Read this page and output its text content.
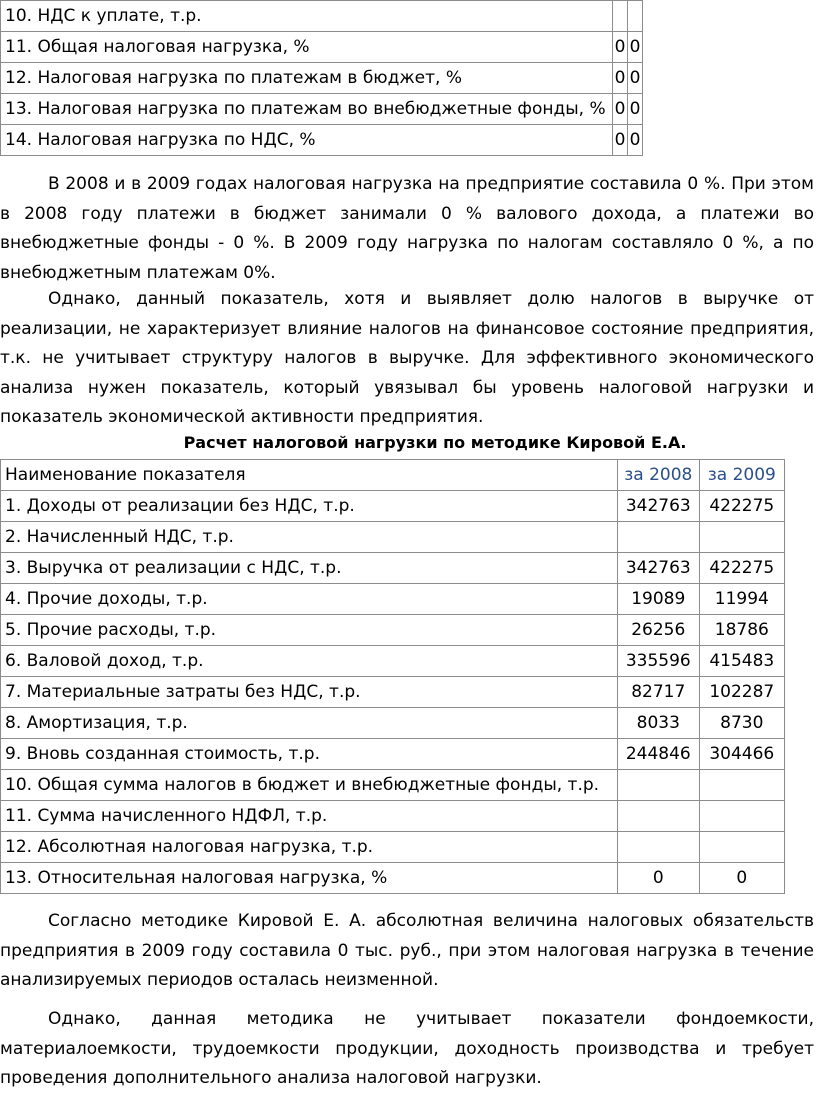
10. НДС к уплате, т.р.		
11. Общая налоговая нагрузка, %	0	0
12. Налоговая нагрузка по платежам в бюджет, %	0	0
13. Налоговая нагрузка по платежам во внебюджетные фонды, %	0	0
14. Налоговая нагрузка по НДС, %	0	0

В 2008 и в 2009 годах налоговая нагрузка на предприятие составила 0 %. При этом в 2008 году платежи в бюджет занимали 0 % валового дохода, а платежи во внебюджетные фонды - 0 %. В 2009 году нагрузка по налогам составляло 0 %, а по внебюджетным платежам 0%.

Однако, данный показатель, хотя и выявляет долю налогов в выручке от реализации, не характеризует влияние налогов на финансовое состояние предприятия, т.к. не учитывает структуру налогов в выручке. Для эффективного экономического анализа нужен показатель, который увязывал бы уровень налоговой нагрузки и показатель экономической активности предприятия.

Расчет налоговой нагрузки по методике Кировой Е.А.
Наименование показателя	за 2008	за 2009
1. Доходы от реализации без НДС, т.р.	342763	422275
2. Начисленный НДС, т.р.		
3. Выручка от реализации с НДС, т.р.	342763	422275
4. Прочие доходы, т.р.	19089	11994
5. Прочие расходы, т.р.	26256	18786
6. Валовой доход, т.р.	335596	415483
7. Материальные затраты без НДС, т.р.	82717	102287
8. Амортизация, т.р.	8033	8730
9. Вновь созданная стоимость, т.р.	244846	304466
10. Общая сумма налогов в бюджет и внебюджетные фонды, т.р.		
11. Сумма начисленного НДФЛ, т.р.		
12. Абсолютная налоговая нагрузка, т.р.		
13. Относительная налоговая нагрузка, %	0	0

Согласно методике Кировой Е. А. абсолютная величина налоговых обязательств предприятия в 2009 году составила 0 тыс. руб., при этом налоговая нагрузка в течение анализируемых периодов осталась неизменной.

Однако, данная методика не учитывает показатели фондоемкости, материалоемкости, трудоемкости продукции, доходность производства и требует проведения дополнительного анализа налоговой нагрузки.
